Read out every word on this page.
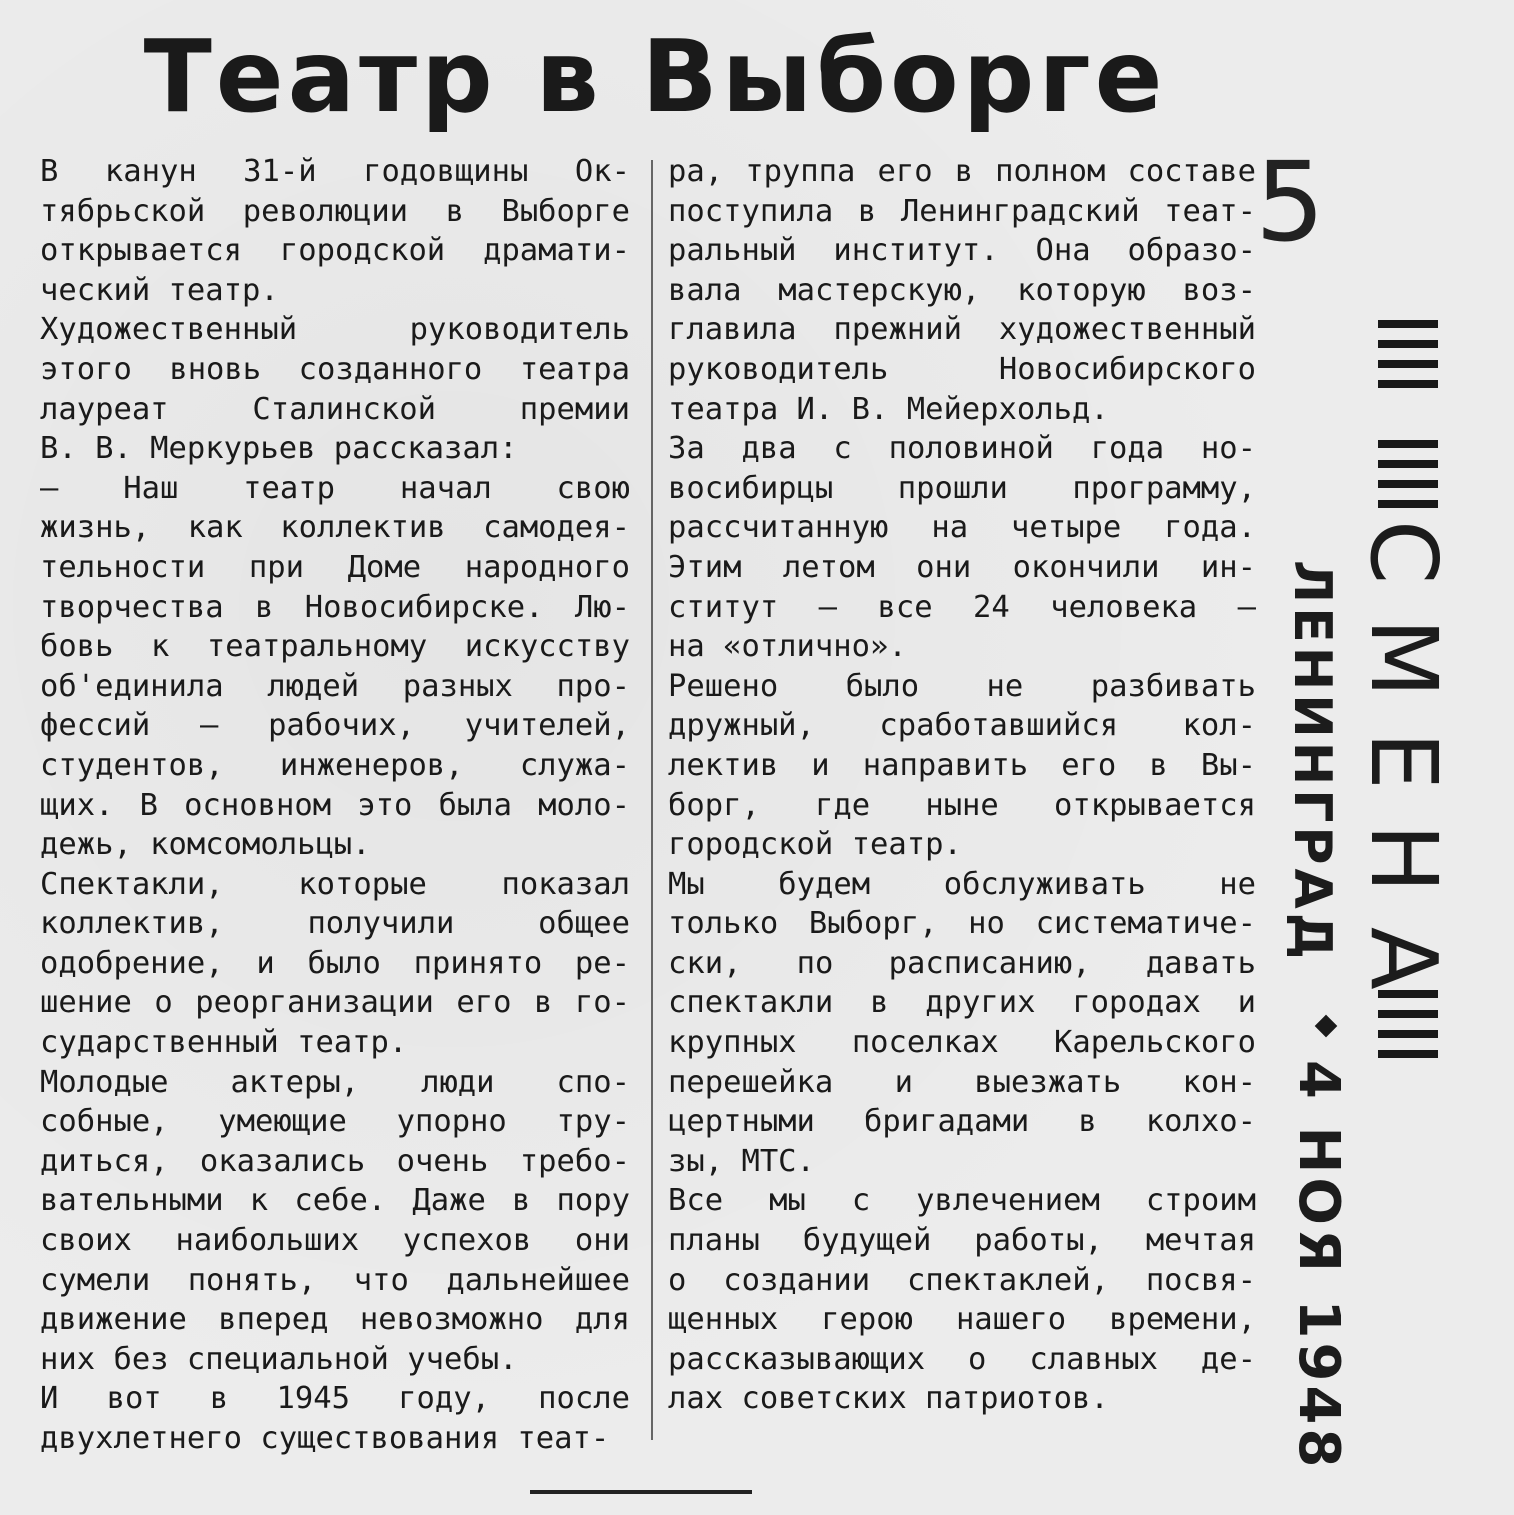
Театр в Выборге

В канун 31-й годовщины Ок-
тябрьской революции в Выборге
открывается городской драмати-
ческий театр.

Художественный руководитель
этого вновь созданного театра
лауреат Сталинской премии
В. В. Меркурьев рассказал:

— Наш театр начал свою
жизнь, как коллектив самодея-
тельности при Доме народного
творчества в Новосибирске. Лю-
бовь к театральному искусству
об'единила людей разных про-
фессий — рабочих, учителей,
студентов, инженеров, служа-
щих. В основном это была моло-
дежь, комсомольцы.

Спектакли, которые показал
коллектив, получили общее
одобрение, и было принято ре-
шение о реорганизации его в го-
сударственный театр.

Молодые актеры, люди спо-
собные, умеющие упорно тру-
диться, оказались очень требо-
вательными к себе. Даже в пору
своих наибольших успехов они
сумели понять, что дальнейшее
движение вперед невозможно для
них без специальной учебы.

И вот в 1945 году, после
двухлетнего существования теат-

ра, труппа его в полном составе
поступила в Ленинградский теат-
ральный институт. Она образо-
вала мастерскую, которую воз-
главила прежний художественный
руководитель Новосибирского
театра И. В. Мейерхольд.

За два с половиной года но-
восибирцы прошли программу,
рассчитанную на четыре года.
Этим летом они окончили ин-
ститут — все 24 человека —
на «отлично».

Решено было не разбивать
дружный, сработавшийся кол-
лектив и направить его в Вы-
борг, где ныне открывается
городской театр.

Мы будем обслуживать не
только Выборг, но систематиче-
ски, по расписанию, давать
спектакли в других городах и
крупных поселках Карельского
перешейка и выезжать кон-
цертными бригадами в колхо-
зы, МТС.

Все мы с увлечением строим
планы будущей работы, мечтая
о создании спектаклей, посвя-
щенных герою нашего времени,
рассказывающих о славных де-
лах советских патриотов.

5
СМЕНА
ЛЕНИНГРАД
4 НОЯ 1948
